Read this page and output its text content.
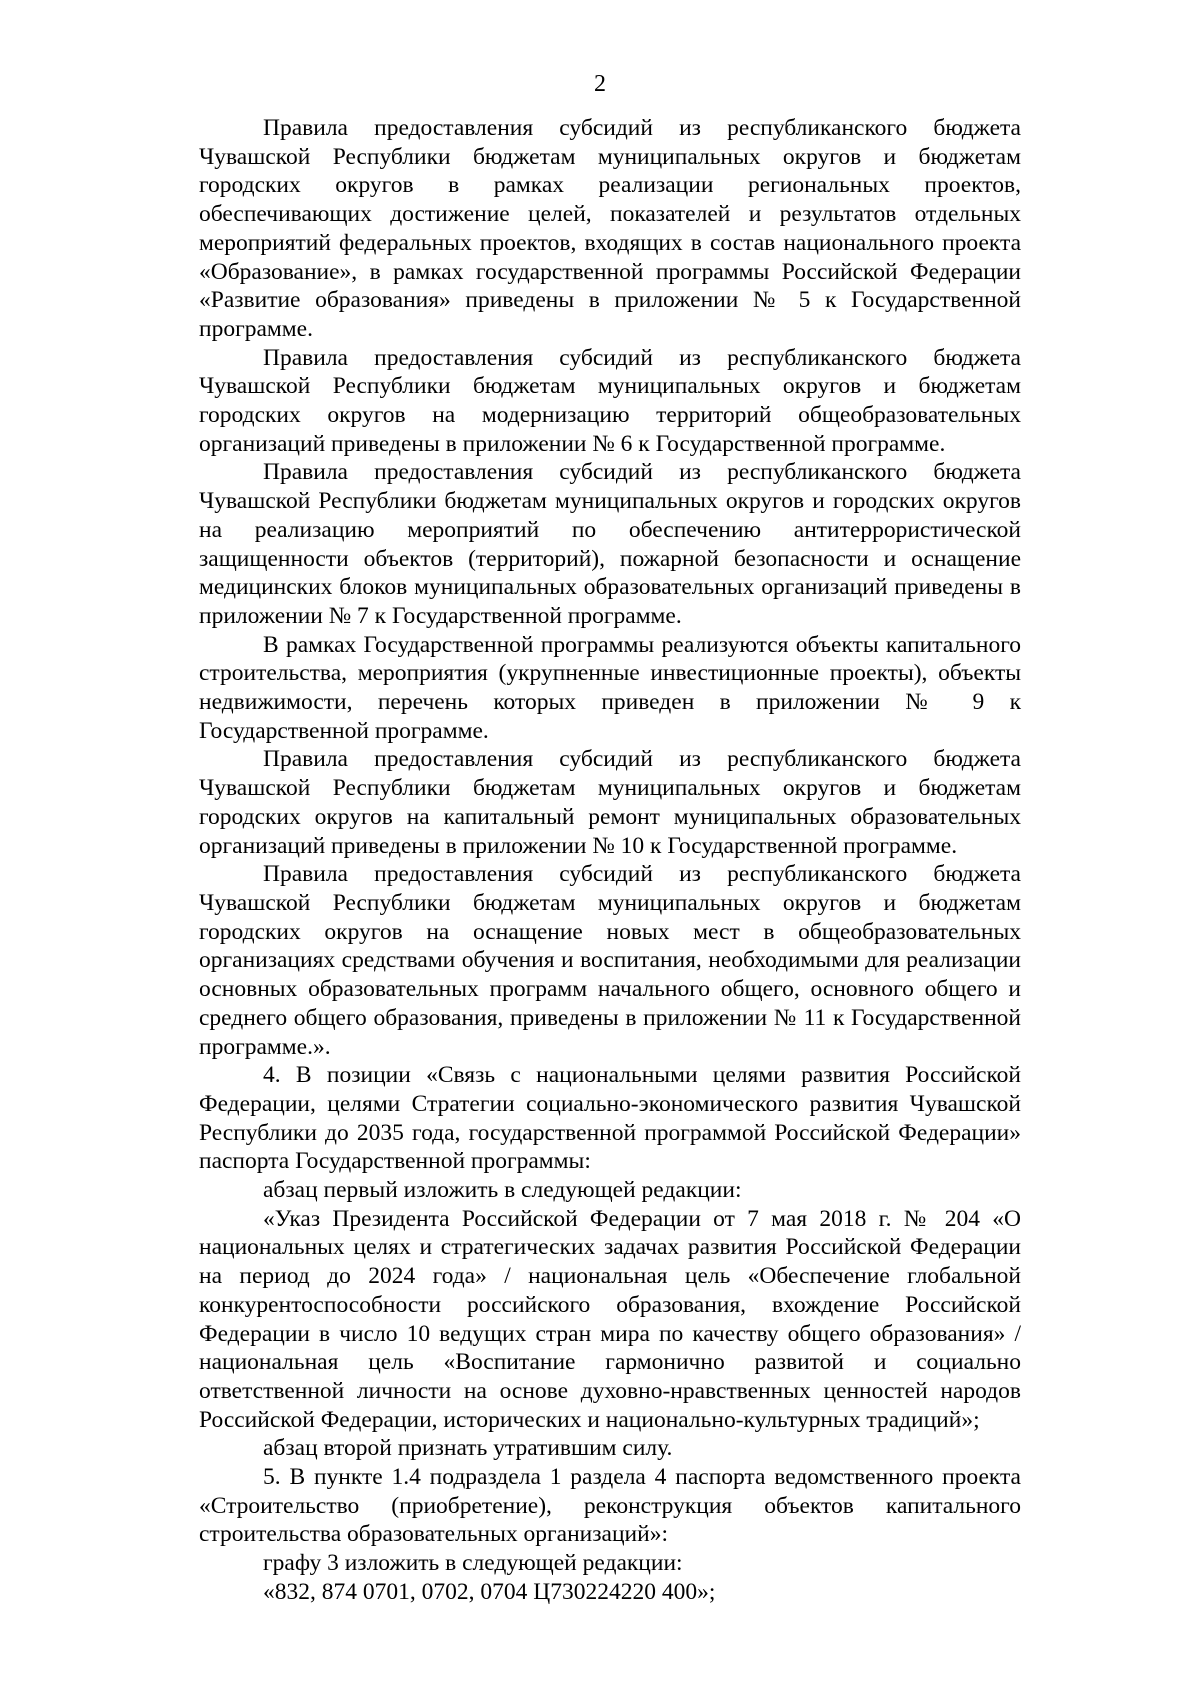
2

Правила предоставления субсидий из республиканского бюджета Чувашской Республики бюджетам муниципальных округов и бюджетам городских округов в рамках реализации региональных проектов, обеспечивающих достижение целей, показателей и результатов отдельных мероприятий федеральных проектов, входящих в состав национального проекта «Образование», в рамках государственной программы Российской Федерации «Развитие образования» приведены в приложении № 5 к Государственной программе.

Правила предоставления субсидий из республиканского бюджета Чувашской Республики бюджетам муниципальных округов и бюджетам городских округов на модернизацию территорий общеобразовательных организаций приведены в приложении № 6 к Государственной программе.

Правила предоставления субсидий из республиканского бюджета Чувашской Республики бюджетам муниципальных округов и городских округов на реализацию мероприятий по обеспечению антитеррористической защищенности объектов (территорий), пожарной безопасности и оснащение медицинских блоков муниципальных образовательных организаций приведены в приложении № 7 к Государственной программе.

В рамках Государственной программы реализуются объекты капитального строительства, мероприятия (укрупненные инвестиционные проекты), объекты недвижимости, перечень которых приведен в приложении № 9 к Государственной программе.

Правила предоставления субсидий из республиканского бюджета Чувашской Республики бюджетам муниципальных округов и бюджетам городских округов на капитальный ремонт муниципальных образовательных организаций приведены в приложении № 10 к Государственной программе.

Правила предоставления субсидий из республиканского бюджета Чувашской Республики бюджетам муниципальных округов и бюджетам городских округов на оснащение новых мест в общеобразовательных организациях средствами обучения и воспитания, необходимыми для реализации основных образовательных программ начального общего, основного общего и среднего общего образования, приведены в приложении № 11 к Государственной программе.».

4. В позиции «Связь с национальными целями развития Российской Федерации, целями Стратегии социально-экономического развития Чувашской Республики до 2035 года, государственной программой Российской Федерации» паспорта Государственной программы:

абзац первый изложить в следующей редакции:

«Указ Президента Российской Федерации от 7 мая 2018 г. № 204 «О национальных целях и стратегических задачах развития Российской Федерации на период до 2024 года» / национальная цель «Обеспечение глобальной конкурентоспособности российского образования, вхождение Российской Федерации в число 10 ведущих стран мира по качеству общего образования» / национальная цель «Воспитание гармонично развитой и социально ответственной личности на основе духовно-нравственных ценностей народов Российской Федерации, исторических и национально-культурных традиций»;

абзац второй признать утратившим силу.

5. В пункте 1.4 подраздела 1 раздела 4 паспорта ведомственного проекта «Строительство (приобретение), реконструкция объектов капитального строительства образовательных организаций»:

графу 3 изложить в следующей редакции:

«832, 874 0701, 0702, 0704 Ц730224220 400»;
